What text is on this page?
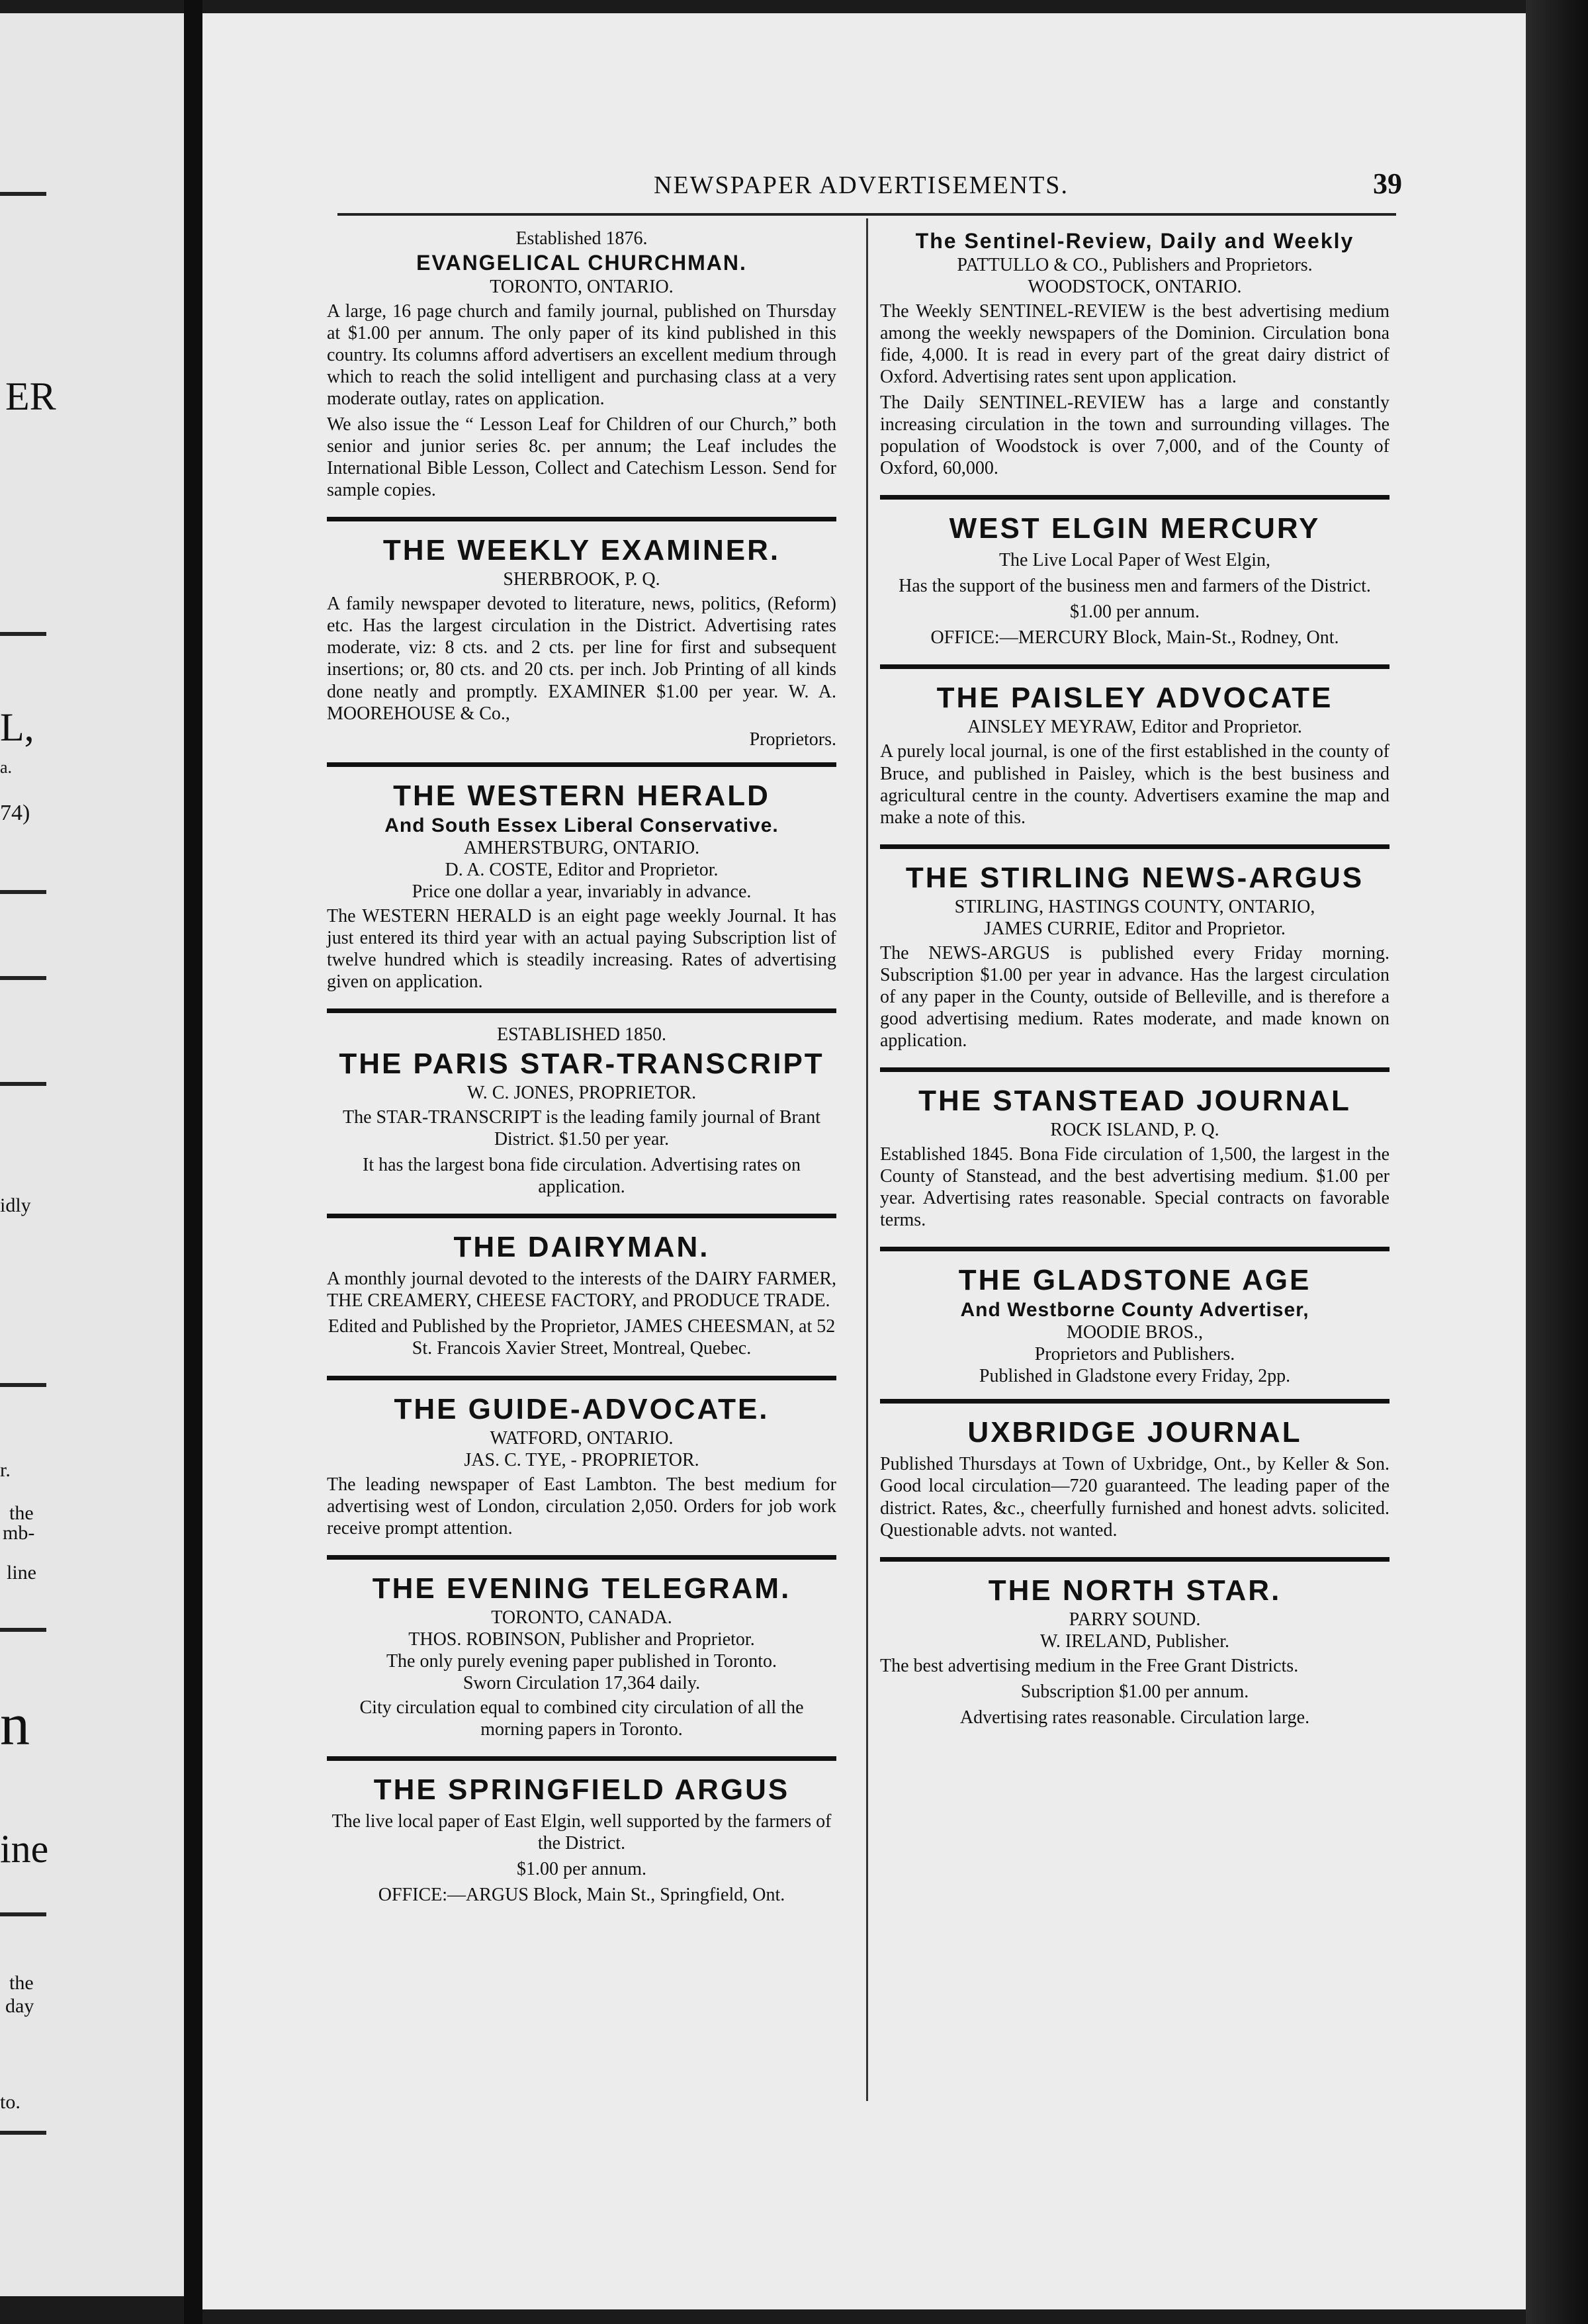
ER
L,
a.
74)
idly
r.
the
mb-
line
n
ine
the
day
to.
NEWSPAPER ADVERTISEMENTS.	39
Established 1876.
EVANGELICAL CHURCHMAN.
TORONTO, ONTARIO.

A large, 16 page church and family journal, published on Thursday at $1.00 per annum. The only paper of its kind published in this country. Its columns afford advertisers an excellent medium through which to reach the solid intelligent and purchasing class at a very moderate outlay, rates on application.

We also issue the “ Lesson Leaf for Children of our Church,” both senior and junior series 8c. per annum; the Leaf includes the International Bible Lesson, Collect and Catechism Lesson. Send for sample copies.

THE WEEKLY EXAMINER.
SHERBROOK, P. Q.

A family newspaper devoted to literature, news, politics, (Reform) etc. Has the largest circulation in the District. Advertising rates moderate, viz: 8 cts. and 2 cts. per line for first and subsequent insertions; or, 80 cts. and 20 cts. per inch. Job Printing of all kinds done neatly and promptly. EXAMINER $1.00 per year. W. A. MOOREHOUSE & Co.,

Proprietors.
THE WESTERN HERALD
And South Essex Liberal Conservative.
AMHERSTBURG, ONTARIO.
D. A. COSTE, Editor and Proprietor.
Price one dollar a year, invariably in advance.

The WESTERN HERALD is an eight page weekly Journal. It has just entered its third year with an actual paying Subscription list of twelve hundred which is steadily increasing. Rates of advertising given on application.

ESTABLISHED 1850.
THE PARIS STAR-TRANSCRIPT
W. C. JONES, PROPRIETOR.

The STAR-TRANSCRIPT is the leading family journal of Brant District. $1.50 per year.

It has the largest bona fide circulation. Advertising rates on application.

THE DAIRYMAN.

A monthly journal devoted to the interests of the DAIRY FARMER, THE CREAMERY, CHEESE FACTORY, and PRODUCE TRADE.

Edited and Published by the Proprietor, JAMES CHEESMAN, at 52 St. Francois Xavier Street, Montreal, Quebec.

THE GUIDE-ADVOCATE.
WATFORD, ONTARIO.
JAS. C. TYE, - PROPRIETOR.

The leading newspaper of East Lambton. The best medium for advertising west of London, circulation 2,050. Orders for job work receive prompt attention.

THE EVENING TELEGRAM.
TORONTO, CANADA.
THOS. ROBINSON, Publisher and Proprietor.
The only purely evening paper published in Toronto.
Sworn Circulation 17,364 daily.

City circulation equal to combined city circulation of all the morning papers in Toronto.

THE SPRINGFIELD ARGUS

The live local paper of East Elgin, well supported by the farmers of the District.

$1.00 per annum.

OFFICE:—ARGUS Block, Main St., Springfield, Ont.

The Sentinel-Review, Daily and Weekly
PATTULLO & CO., Publishers and Proprietors.
WOODSTOCK, ONTARIO.

The Weekly SENTINEL-REVIEW is the best advertising medium among the weekly newspapers of the Dominion. Circulation bona fide, 4,000. It is read in every part of the great dairy district of Oxford. Advertising rates sent upon application.

The Daily SENTINEL-REVIEW has a large and constantly increasing circulation in the town and surrounding villages. The population of Woodstock is over 7,000, and of the County of Oxford, 60,000.

WEST ELGIN MERCURY

The Live Local Paper of West Elgin,

Has the support of the business men and farmers of the District.

$1.00 per annum.

OFFICE:—MERCURY Block, Main-St., Rodney, Ont.

THE PAISLEY ADVOCATE
AINSLEY MEYRAW, Editor and Proprietor.

A purely local journal, is one of the first established in the county of Bruce, and published in Paisley, which is the best business and agricultural centre in the county. Advertisers examine the map and make a note of this.

THE STIRLING NEWS-ARGUS
STIRLING, HASTINGS COUNTY, ONTARIO,
JAMES CURRIE, Editor and Proprietor.

The NEWS-ARGUS is published every Friday morning. Subscription $1.00 per year in advance. Has the largest circulation of any paper in the County, outside of Belleville, and is therefore a good advertising medium. Rates moderate, and made known on application.

THE STANSTEAD JOURNAL
ROCK ISLAND, P. Q.

Established 1845. Bona Fide circulation of 1,500, the largest in the County of Stanstead, and the best advertising medium. $1.00 per year. Advertising rates reasonable. Special contracts on favorable terms.

THE GLADSTONE AGE
And Westborne County Advertiser,
MOODIE BROS.,
Proprietors and Publishers.
Published in Gladstone every Friday, 2pp.
UXBRIDGE JOURNAL

Published Thursdays at Town of Uxbridge, Ont., by Keller & Son. Good local circulation—720 guaranteed. The leading paper of the district. Rates, &c., cheerfully furnished and honest advts. solicited. Questionable advts. not wanted.

THE NORTH STAR.
PARRY SOUND.
W. IRELAND, Publisher.

The best advertising medium in the Free Grant Districts.

Subscription $1.00 per annum.

Advertising rates reasonable. Circulation large.
